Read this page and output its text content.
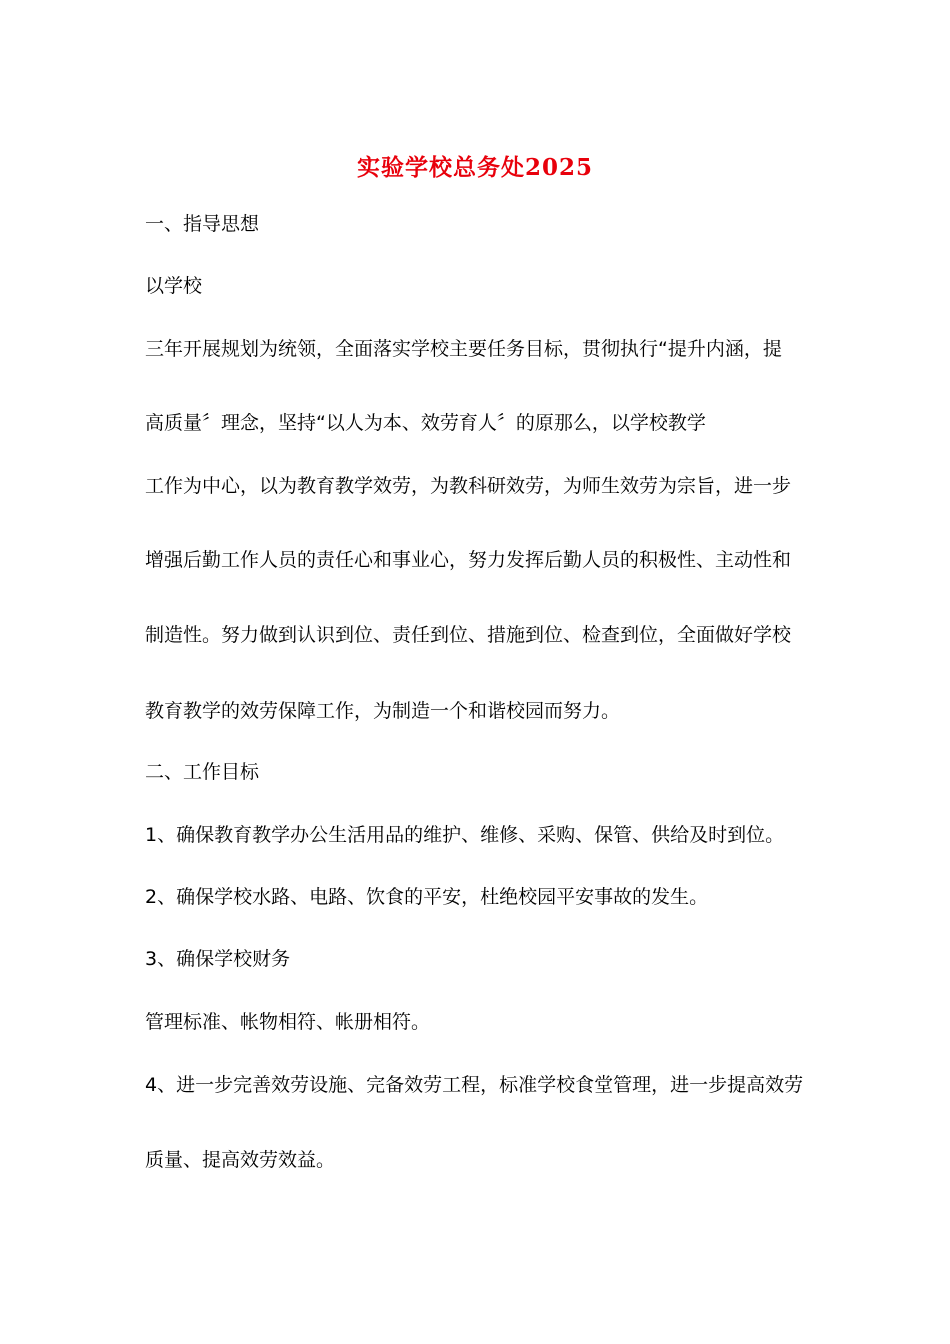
实验学校总务处2025
一、指导思想
以学校
三年开展规划为统领，全面落实学校主要任务目标，贯彻执行“提升内涵，提
高质量〞理念，坚持“以人为本、效劳育人〞的原那么，以学校教学
工作为中心，以为教育教学效劳，为教科研效劳，为师生效劳为宗旨，进一步
增强后勤工作人员的责任心和事业心，努力发挥后勤人员的积极性、主动性和
制造性。努力做到认识到位、责任到位、措施到位、检查到位，全面做好学校
教育教学的效劳保障工作，为制造一个和谐校园而努力。
二、工作目标
1、确保教育教学办公生活用品的维护、维修、采购、保管、供给及时到位。
2、确保学校水路、电路、饮食的平安，杜绝校园平安事故的发生。
3、确保学校财务
管理标准、帐物相符、帐册相符。
4、进一步完善效劳设施、完备效劳工程，标准学校食堂管理，进一步提高效劳
质量、提高效劳效益。
